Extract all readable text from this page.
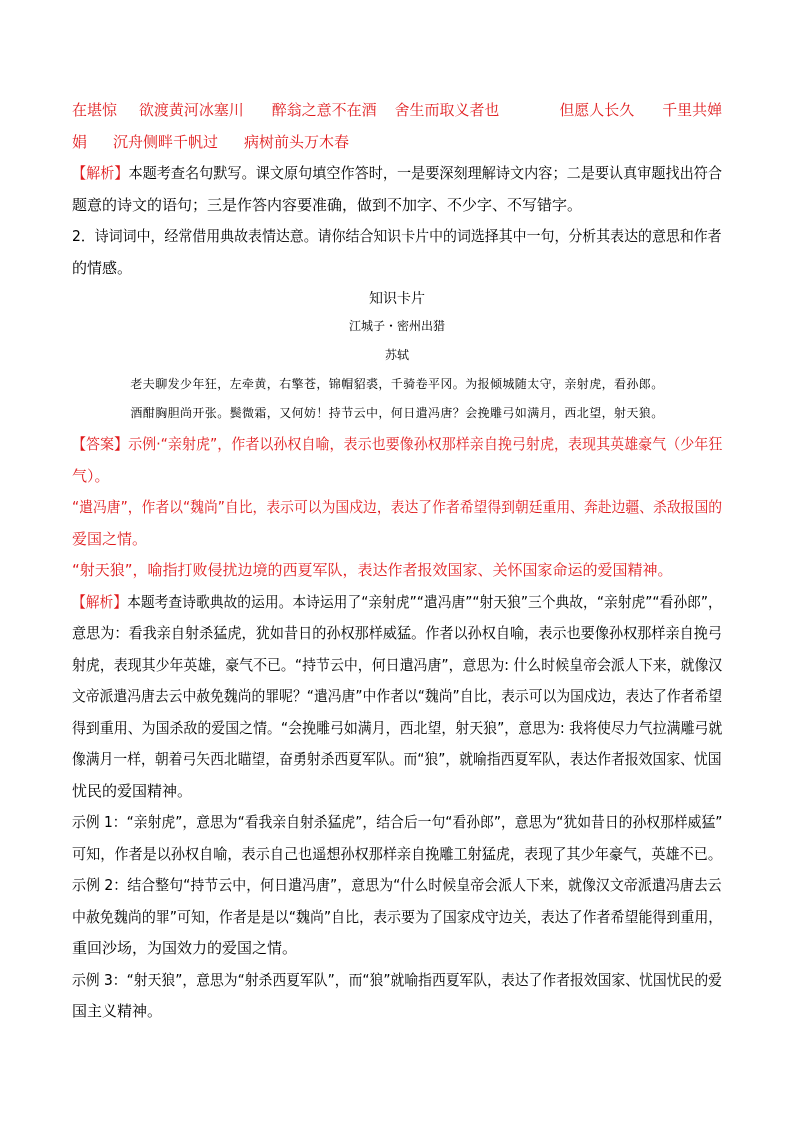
在堪惊 欲渡黄河冰塞川 醉翁之意不在酒 舍生而取义者也	但愿人长久 千里共婵
娟 沉舟侧畔千帆过 病树前头万木春
【解析】本题考查名句默写。课文原句填空作答时，一是要深刻理解诗文内容；二是要认真审题找出符合
题意的诗文的语句；三是作答内容要准确，做到不加字、不少字、不写错字。
2．诗词词中，经常借用典故表情达意。请你结合知识卡片中的词选择其中一句，分析其表达的意思和作者
的情感。
知识卡片
江城子・密州出猎
苏轼
老夫聊发少年狂，左牵黄，右擎苍，锦帽貂裘，千骑卷平冈。为报倾城随太守，亲射虎，看孙郎。
酒酣胸胆尚开张。鬓微霜，又何妨！持节云中，何日遣冯唐？会挽雕弓如满月，西北望，射天狼。
【答案】示例·“亲射虎”，作者以孙权自喻，表示也要像孙权那样亲自挽弓射虎，表现其英雄豪气（少年狂
气）。
“遣冯唐”，作者以“魏尚”自比，表示可以为国戍边，表达了作者希望得到朝廷重用、奔赴边疆、杀敌报国的
爱国之情。
“射天狼”，喻指打败侵扰边境的西夏军队，表达作者报效国家、关怀国家命运的爱国精神。
【解析】本题考查诗歌典故的运用。本诗运用了“亲射虎”“遣冯唐”“射天狼”三个典故，“亲射虎”“看孙郎”，
意思为：看我亲自射杀猛虎，犹如昔日的孙权那样威猛。作者以孙权自喻，表示也要像孙权那样亲自挽弓
射虎，表现其少年英雄，豪气不已。“持节云中，何日遣冯唐”，意思为: 什么时候皇帝会派人下来，就像汉
文帝派遣冯唐去云中赦免魏尚的罪呢？“遣冯唐”中作者以“魏尚”自比，表示可以为国戍边，表达了作者希望
得到重用、为国杀敌的爱国之情。“会挽雕弓如满月，西北望，射天狼”，意思为: 我将使尽力气拉满雕弓就
像满月一样，朝着弓矢西北瞄望，奋勇射杀西夏军队。而“狼”，就喻指西夏军队，表达作者报效国家、忧国
忧民的爱国精神。
示例 1：“亲射虎”，意思为“看我亲自射杀猛虎”，结合后一句“看孙郎”，意思为“犹如昔日的孙权那样威猛”
可知，作者是以孙权自喻，表示自己也遥想孙权那样亲自挽雕工射猛虎，表现了其少年豪气，英雄不已。
示例 2：结合整句“持节云中，何日遣冯唐”，意思为“什么时候皇帝会派人下来，就像汉文帝派遣冯唐去云
中赦免魏尚的罪”可知，作者是是以“魏尚”自比，表示要为了国家戍守边关，表达了作者希望能得到重用，
重回沙场，为国效力的爱国之情。
示例 3：“射天狼”，意思为“射杀西夏军队”，而“狼”就喻指西夏军队，表达了作者报效国家、忧国忧民的爱
国主义精神。
